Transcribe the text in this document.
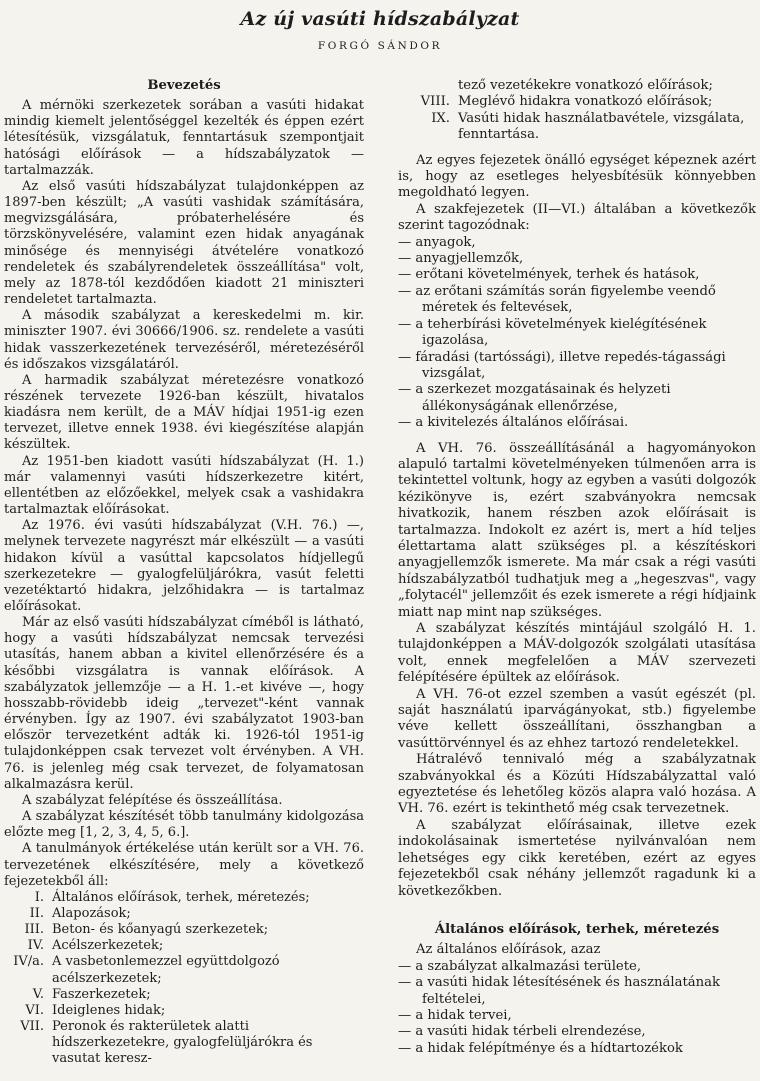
Az új vasúti hídszabályzat
FORGÓ SÁNDOR
Bevezetés

A mérnöki szerkezetek sorában a vasúti hidakat mindig kiemelt jelentőséggel kezelték és éppen ezért létesítésük, vizsgálatuk, fenntartásuk szempontjait hatósági előírások — a hídszabályzatok — tartalmazzák.

Az első vasúti hídszabályzat tulajdonképpen az 1897-ben készült; „A vasúti vashidak számítására, megvizsgálására, próbaterhelésére és törzskönyvelésére, valamint ezen hidak anyagának minősége és mennyiségi átvételére vonatkozó rendeletek és szabályrendeletek összeállítása" volt, mely az 1878-tól kezdődően kiadott 21 miniszteri rendeletet tartalmazta.

A második szabályzat a kereskedelmi m. kir. miniszter 1907. évi 30666/1906. sz. rendelete a vasúti hidak vasszerkezetének tervezéséről, méretezéséről és időszakos vizsgálatáról.

A harmadik szabályzat méretezésre vonatkozó részének tervezete 1926-ban készült, hivatalos kiadásra nem került, de a MÁV hídjai 1951-ig ezen tervezet, illetve ennek 1938. évi kiegészítése alapján készültek.

Az 1951-ben kiadott vasúti hídszabályzat (H. 1.) már valamennyi vasúti hídszerkezetre kitért, ellentétben az előzőekkel, melyek csak a vashidakra tartalmaztak előírásokat.

Az 1976. évi vasúti hídszabályzat (V.H. 76.) —, melynek tervezete nagyrészt már elkészült — a vasúti hidakon kívül a vasúttal kapcsolatos hídjellegű szerkezetekre — gyalogfelüljárókra, vasút feletti vezetéktartó hidakra, jelzőhidakra — is tartalmaz előírásokat.

Már az első vasúti hídszabályzat címéből is látható, hogy a vasúti hídszabályzat nemcsak tervezési utasítás, hanem abban a kivitel ellenőrzésére és a későbbi vizsgálatra is vannak előírások. A szabályzatok jellemzője — a H. 1.-et kivéve —, hogy hosszabb-rövidebb ideig „tervezet"-ként vannak érvényben. Így az 1907. évi szabályzatot 1903-ban először tervezetként adták ki. 1926-tól 1951-ig tulajdonképpen csak tervezet volt érvényben. A VH. 76. is jelenleg még csak tervezet, de folyamatosan alkalmazásra kerül.

A szabályzat felépítése és összeállítása.

A szabályzat készítését több tanulmány kidolgozása előzte meg [1, 2, 3, 4, 5, 6.].

A tanulmányok értékelése után került sor a VH. 76. tervezetének elkészítésére, mely a következő fejezetekből áll:

I. Általános előírások, terhek, méretezés;
II. Alapozások;
III. Beton- és kőanyagú szerkezetek;
IV. Acélszerkezetek;
IV/a. A vasbetonlemezzel együttdolgozó acélszerkezetek;
V. Faszerkezetek;
VI. Ideiglenes hidak;
VII. Peronok és rakterületek alatti hídszerkezetekre, gyalogfelüljárókra és vasutat keresz-
tező vezetékekre vonatkozó előírások;
VIII. Meglévő hidakra vonatkozó előírások;
IX. Vasúti hidak használatbavétele, vizsgálata, fenntartása.

Az egyes fejezetek önálló egységet képeznek azért is, hogy az esetleges helyesbítésük könnyebben megoldható legyen.

A szakfejezetek (II—VI.) általában a következők szerint tagozódnak:

— anyagok,
— anyagjellemzők,
— erőtani követelmények, terhek és hatások,
— az erőtani számítás során figyelembe veendő méretek és feltevések,
— a teherbírási követelmények kielégítésének igazolása,
— fáradási (tartóssági), illetve repedés-tágassági vizsgálat,
— a szerkezet mozgatásainak és helyzeti állékonyságának ellenőrzése,
— a kivitelezés általános előírásai.

A VH. 76. összeállításánál a hagyományokon alapuló tartalmi követelményeken túlmenően arra is tekintettel voltunk, hogy az egyben a vasúti dolgozók kézikönyve is, ezért szabványokra nemcsak hivatkozik, hanem részben azok előírásait is tartalmazza. Indokolt ez azért is, mert a híd teljes élettartama alatt szükséges pl. a készítéskori anyagjellemzők ismerete. Ma már csak a régi vasúti hídszabályzatból tudhatjuk meg a „hegeszvas", vagy „folytacél" jellemzőit és ezek ismerete a régi hídjaink miatt nap mint nap szükséges.

A szabályzat készítés mintájául szolgáló H. 1. tulajdonképpen a MÁV-dolgozók szolgálati utasítása volt, ennek megfelelően a MÁV szervezeti felépítésére épültek az előírások.

A VH. 76-ot ezzel szemben a vasút egészét (pl. saját használatú iparvágányokat, stb.) figyelembe véve kellett összeállítani, összhangban a vasúttörvénnyel és az ehhez tartozó rendeletekkel.

Hátralévő tennivaló még a szabályzatnak szabványokkal és a Közúti Hídszabályzattal való egyeztetése és lehetőleg közös alapra való hozása. A VH. 76. ezért is tekinthető még csak tervezetnek.

A szabályzat előírásainak, illetve ezek indokolásainak ismertetése nyilvánvalóan nem lehetséges egy cikk keretében, ezért az egyes fejezetekből csak néhány jellemzőt ragadunk ki a következőkben.

Általános előírások, terhek, méretezés

Az általános előírások, azaz

— a szabályzat alkalmazási területe,
— a vasúti hidak létesítésének és használatának feltételei,
— a hidak tervei,
— a vasúti hidak térbeli elrendezése,
— a hidak felépítménye és a hídtartozékok
